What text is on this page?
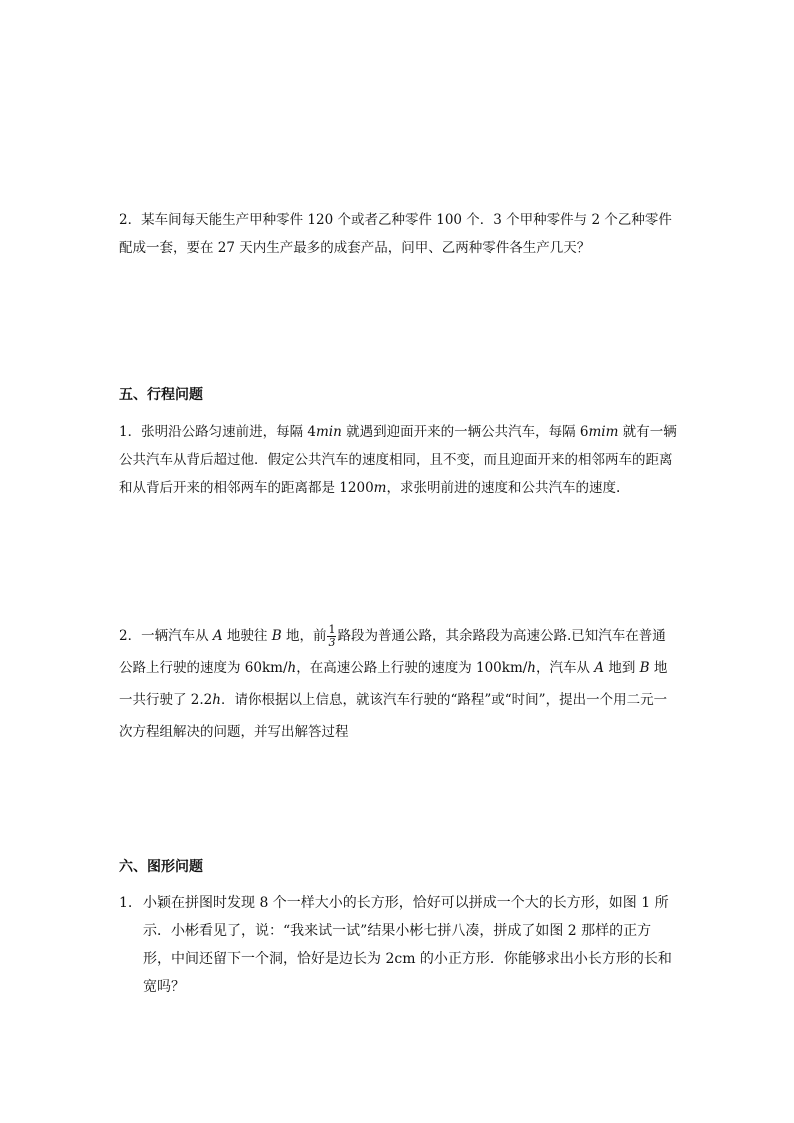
2．某车间每天能生产甲种零件 120 个或者乙种零件 100 个．3 个甲种零件与 2 个乙种零件配成一套，要在 27 天内生产最多的成套产品，问甲、乙两种零件各生产几天？

五、行程问题

1．张明沿公路匀速前进，每隔 4min 就遇到迎面开来的一辆公共汽车，每隔 6mim 就有一辆公共汽车从背后超过他．假定公共汽车的速度相同，且不变，而且迎面开来的相邻两车的距离和从背后开来的相邻两车的距离都是 1200m，求张明前进的速度和公共汽车的速度.

2．一辆汽车从 A 地驶往 B 地，前 $\frac{1}{3}$ 路段为普通公路，其余路段为高速公路.已知汽车在普通公路上行驶的速度为 60km/h，在高速公路上行驶的速度为 100km/h，汽车从 A 地到 B 地一共行驶了 2.2h．请你根据以上信息，就该汽车行驶的“路程”或“时间”，提出一个用二元一次方程组解决的问题，并写出解答过程

六、图形问题

1. 小颖在拼图时发现 8 个一样大小的长方形，恰好可以拼成一个大的长方形，如图 1 所示．小彬看见了，说：“我来试一试”结果小彬七拼八凑，拼成了如图 2 那样的正方形，中间还留下一个洞，恰好是边长为 2cm 的小正方形．你能够求出小长方形的长和宽吗？
